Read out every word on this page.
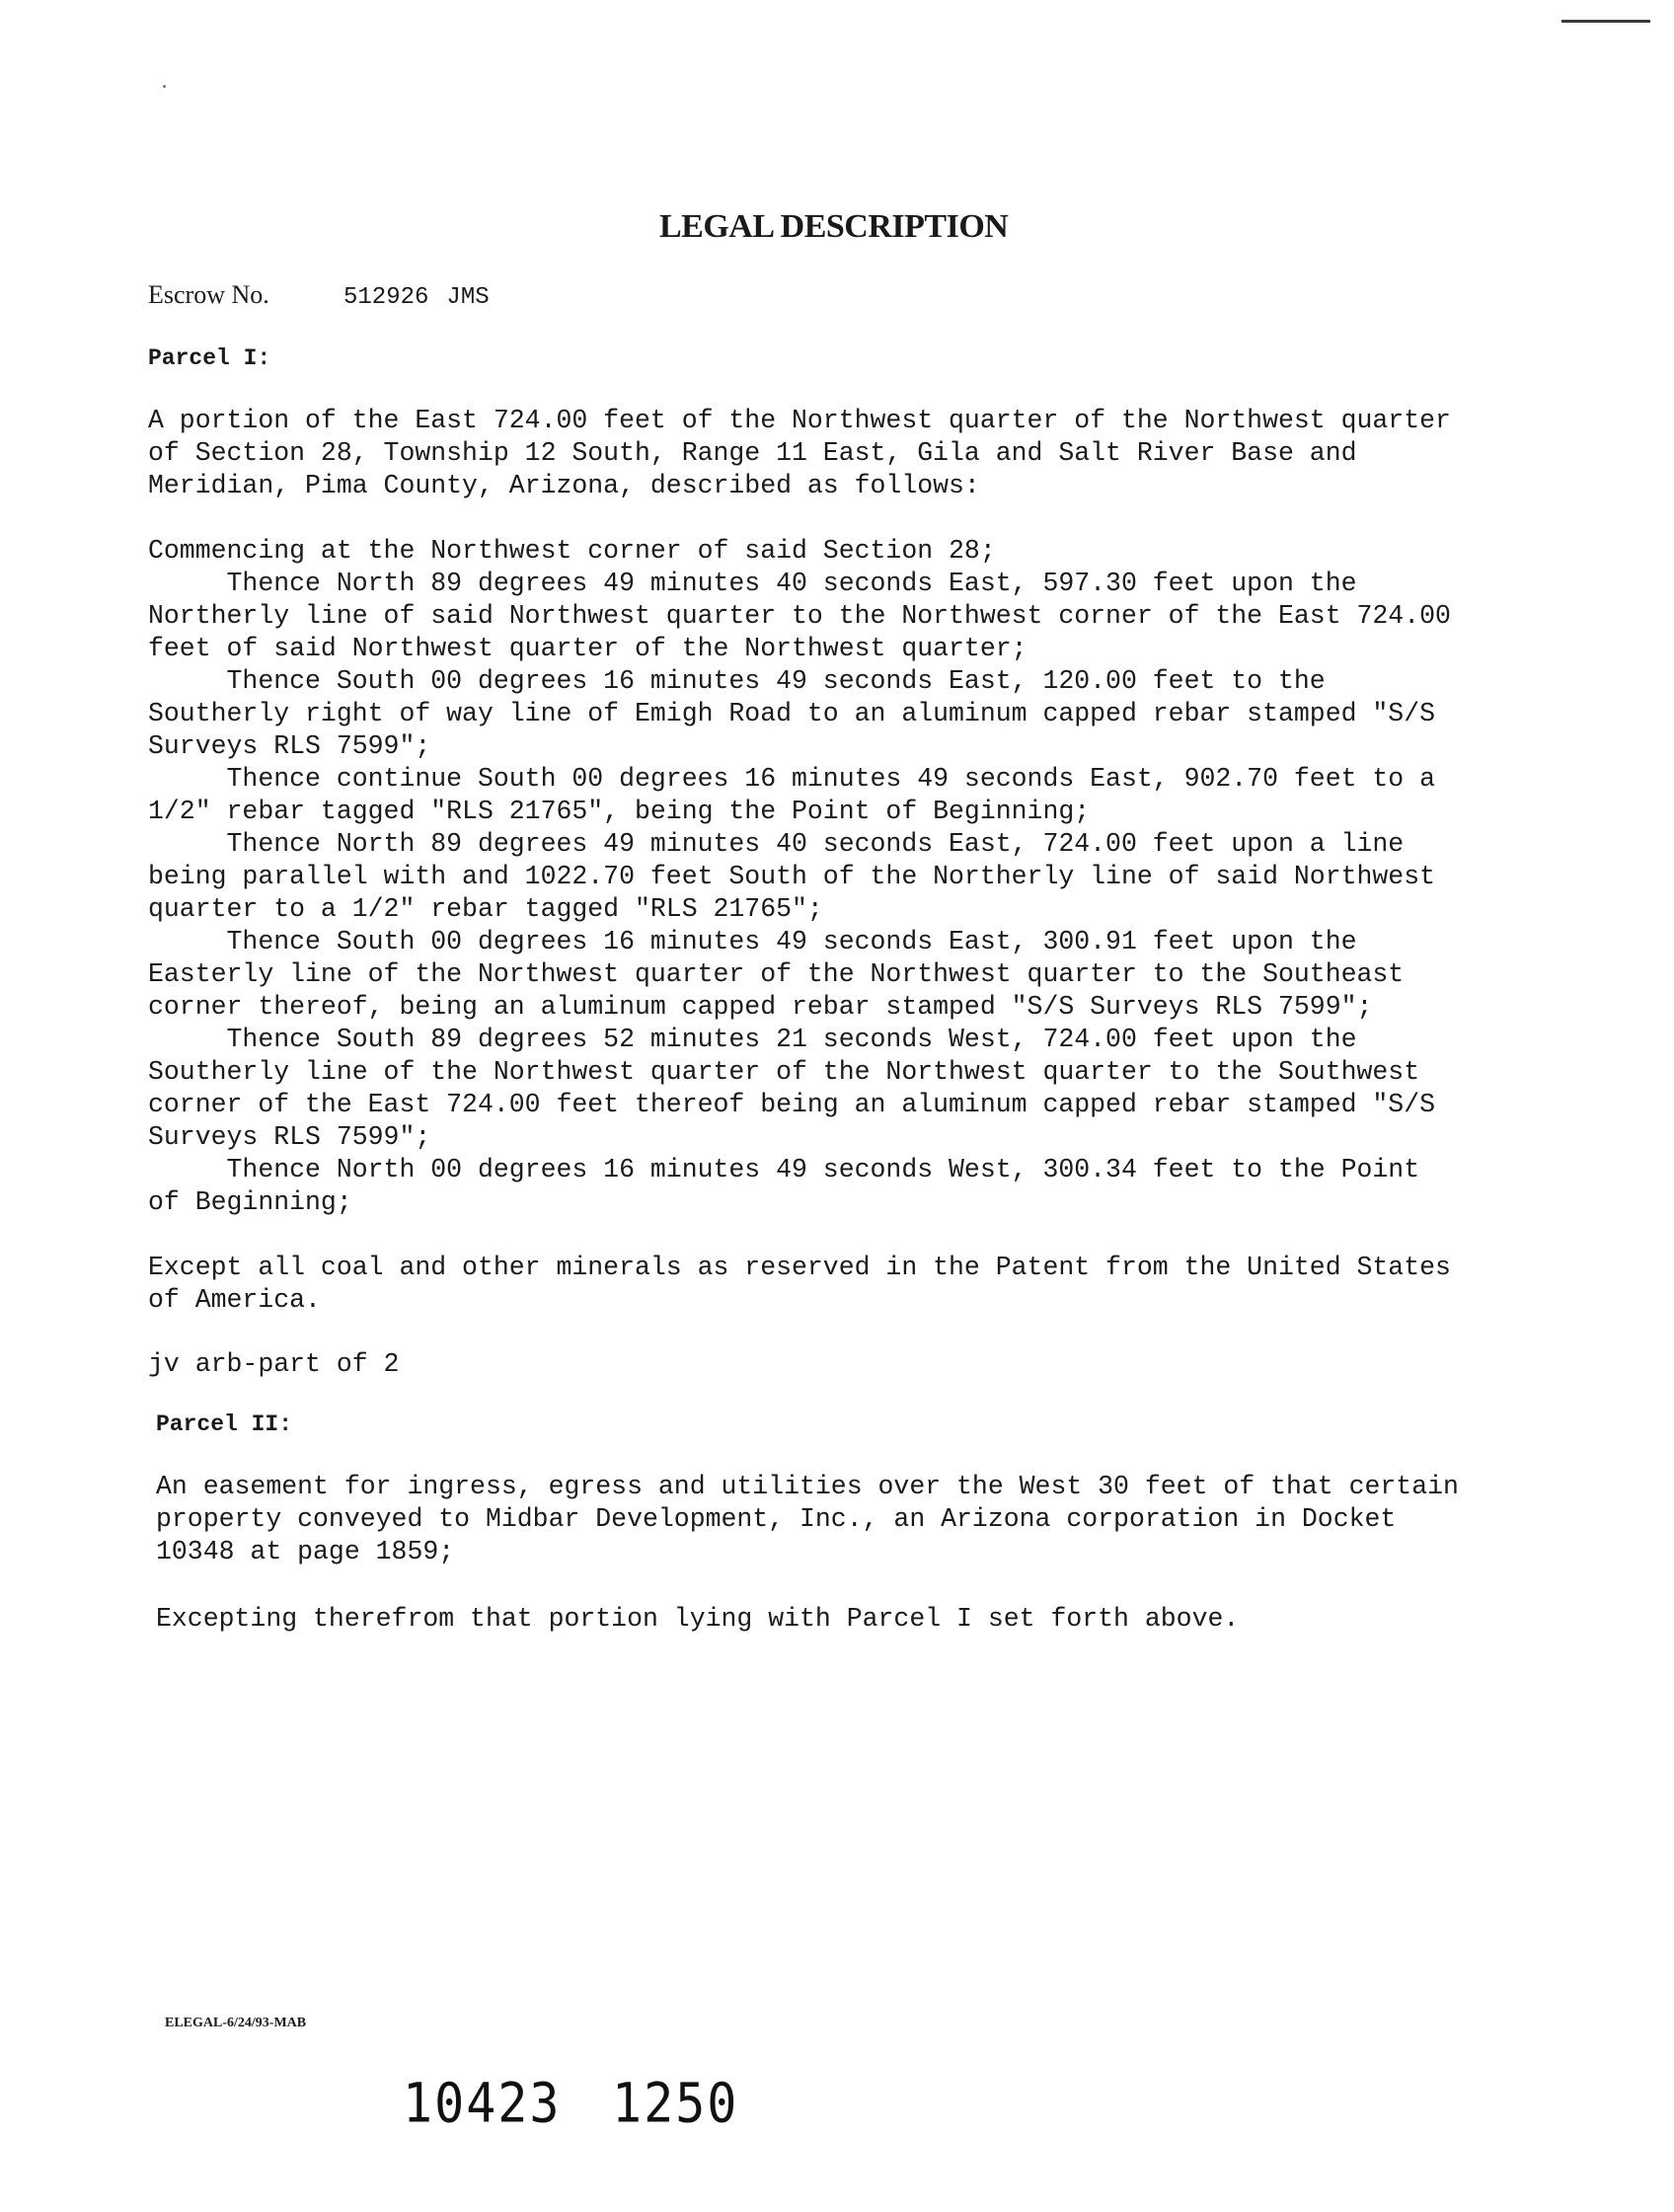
LEGAL DESCRIPTION
Escrow No.	512926 JMS
Parcel I:
A portion of the East 724.00 feet of the Northwest quarter of the Northwest quarter
of Section 28, Township 12 South, Range 11 East, Gila and Salt River Base and
Meridian, Pima County, Arizona, described as follows:
Commencing at the Northwest corner of said Section 28;
Thence North 89 degrees 49 minutes 40 seconds East, 597.30 feet upon the
Northerly line of said Northwest quarter to the Northwest corner of the East 724.00
feet of said Northwest quarter of the Northwest quarter;
Thence South 00 degrees 16 minutes 49 seconds East, 120.00 feet to the
Southerly right of way line of Emigh Road to an aluminum capped rebar stamped "S/S
Surveys RLS 7599";
Thence continue South 00 degrees 16 minutes 49 seconds East, 902.70 feet to a
1/2" rebar tagged "RLS 21765", being the Point of Beginning;
Thence North 89 degrees 49 minutes 40 seconds East, 724.00 feet upon a line
being parallel with and 1022.70 feet South of the Northerly line of said Northwest
quarter to a 1/2" rebar tagged "RLS 21765";
Thence South 00 degrees 16 minutes 49 seconds East, 300.91 feet upon the
Easterly line of the Northwest quarter of the Northwest quarter to the Southeast
corner thereof, being an aluminum capped rebar stamped "S/S Surveys RLS 7599";
Thence South 89 degrees 52 minutes 21 seconds West, 724.00 feet upon the
Southerly line of the Northwest quarter of the Northwest quarter to the Southwest
corner of the East 724.00 feet thereof being an aluminum capped rebar stamped "S/S
Surveys RLS 7599";
Thence North 00 degrees 16 minutes 49 seconds West, 300.34 feet to the Point
of Beginning;
Except all coal and other minerals as reserved in the Patent from the United States
of America.
jv arb-part of 2
Parcel II:
An easement for ingress, egress and utilities over the West 30 feet of that certain
property conveyed to Midbar Development, Inc., an Arizona corporation in Docket
10348 at page 1859;
Excepting therefrom that portion lying with Parcel I set forth above.
ELEGAL-6/24/93-MAB
10423 1250
